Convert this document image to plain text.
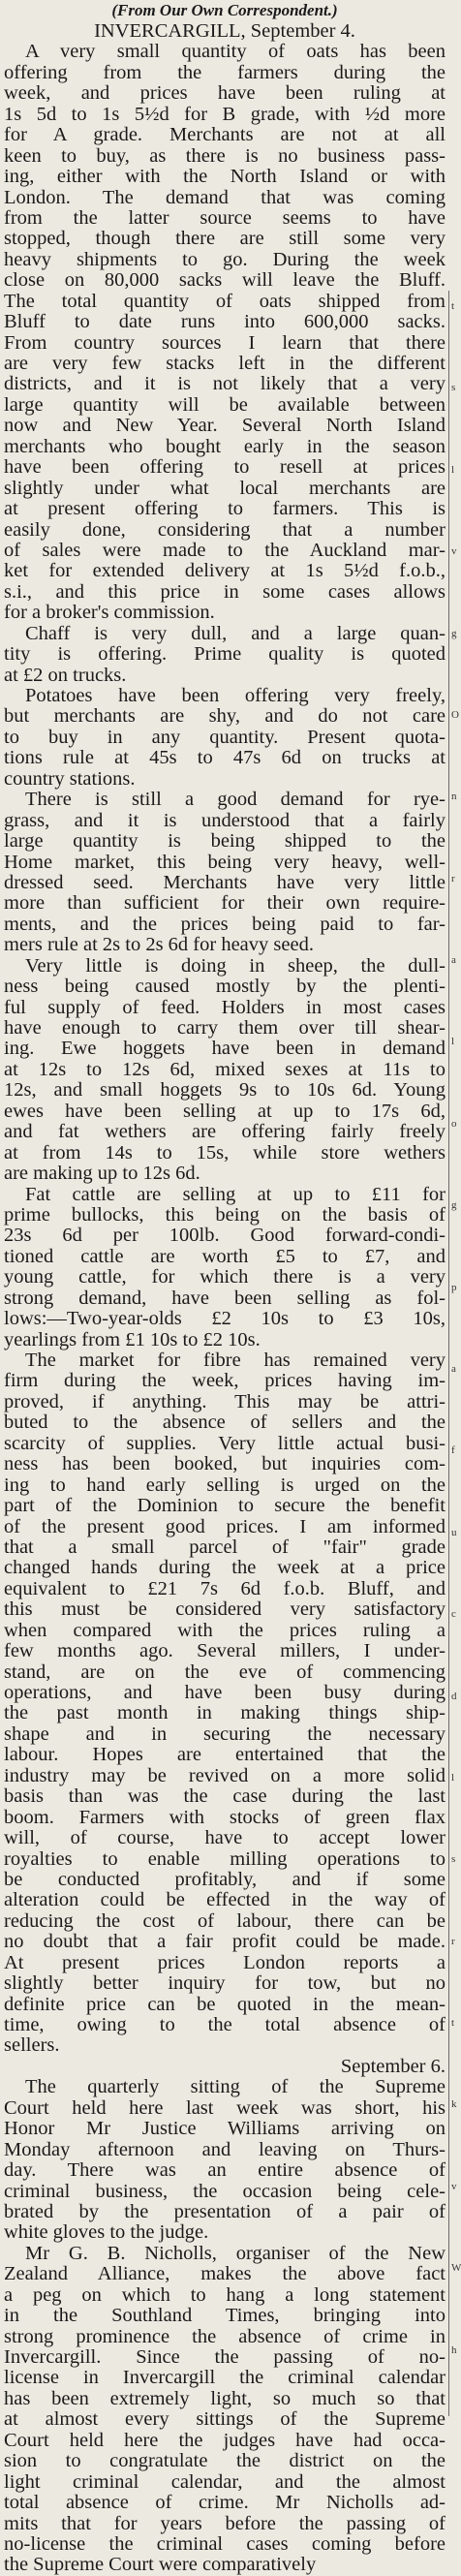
(From Our Own Correspondent.)
INVERCARGILL, September 4.
A very small quantity of oats has been
offering from the farmers during the
week, and prices have been ruling at
1s 5d to 1s 5½d for B grade, with ½d more
for A grade. Merchants are not at all
keen to buy, as there is no business pass-
ing, either with the North Island or with
London. The demand that was coming
from the latter source seems to have
stopped, though there are still some very
heavy shipments to go. During the week
close on 80,000 sacks will leave the Bluff.
The total quantity of oats shipped from
Bluff to date runs into 600,000 sacks.
From country sources I learn that there
are very few stacks left in the different
districts, and it is not likely that a very
large quantity will be available between
now and New Year. Several North Island
merchants who bought early in the season
have been offering to resell at prices
slightly under what local merchants are
at present offering to farmers. This is
easily done, considering that a number
of sales were made to the Auckland mar-
ket for extended delivery at 1s 5½d f.o.b.,
s.i., and this price in some cases allows
for a broker's commission.
Chaff is very dull, and a large quan-
tity is offering. Prime quality is quoted
at £2 on trucks.
Potatoes have been offering very freely,
but merchants are shy, and do not care
to buy in any quantity. Present quota-
tions rule at 45s to 47s 6d on trucks at
country stations.
There is still a good demand for rye-
grass, and it is understood that a fairly
large quantity is being shipped to the
Home market, this being very heavy, well-
dressed seed. Merchants have very little
more than sufficient for their own require-
ments, and the prices being paid to far-
mers rule at 2s to 2s 6d for heavy seed.
Very little is doing in sheep, the dull-
ness being caused mostly by the plenti-
ful supply of feed. Holders in most cases
have enough to carry them over till shear-
ing. Ewe hoggets have been in demand
at 12s to 12s 6d, mixed sexes at 11s to
12s, and small hoggets 9s to 10s 6d. Young
ewes have been selling at up to 17s 6d,
and fat wethers are offering fairly freely
at from 14s to 15s, while store wethers
are making up to 12s 6d.
Fat cattle are selling at up to £11 for
prime bullocks, this being on the basis of
23s 6d per 100lb. Good forward-condi-
tioned cattle are worth £5 to £7, and
young cattle, for which there is a very
strong demand, have been selling as fol-
lows:—Two-year-olds £2 10s to £3 10s,
yearlings from £1 10s to £2 10s.
The market for fibre has remained very
firm during the week, prices having im-
proved, if anything. This may be attri-
buted to the absence of sellers and the
scarcity of supplies. Very little actual busi-
ness has been booked, but inquiries com-
ing to hand early selling is urged on the
part of the Dominion to secure the benefit
of the present good prices. I am informed
that a small parcel of "fair" grade
changed hands during the week at a price
equivalent to £21 7s 6d f.o.b. Bluff, and
this must be considered very satisfactory
when compared with the prices ruling a
few months ago. Several millers, I under-
stand, are on the eve of commencing
operations, and have been busy during
the past month in making things ship-
shape and in securing the necessary
labour. Hopes are entertained that the
industry may be revived on a more solid
basis than was the case during the last
boom. Farmers with stocks of green flax
will, of course, have to accept lower
royalties to enable milling operations to
be conducted profitably, and if some
alteration could be effected in the way of
reducing the cost of labour, there can be
no doubt that a fair profit could be made.
At present prices London reports a
slightly better inquiry for tow, but no
definite price can be quoted in the mean-
time, owing to the total absence of
sellers.
September 6.
The quarterly sitting of the Supreme
Court held here last week was short, his
Honor Mr Justice Williams arriving on
Monday afternoon and leaving on Thurs-
day. There was an entire absence of
criminal business, the occasion being cele-
brated by the presentation of a pair of
white gloves to the judge.
Mr G. B. Nicholls, organiser of the New
Zealand Alliance, makes the above fact
a peg on which to hang a long statement
in the Southland Times, bringing into
strong prominence the absence of crime in
Invercargill. Since the passing of no-
license in Invercargill the criminal calendar
has been extremely light, so much so that
at almost every sittings of the Supreme
Court held here the judges have had occa-
sion to congratulate the district on the
light criminal calendar, and the almost
total absence of crime. Mr Nicholls ad-
mits that for years before the passing of
no-license the criminal cases coming before
the Supreme Court were comparatively
t
s
l
v
g
O
n
r
a
l
o
g
p
a
f
u
c
d
l
s
r
t
k
v
W
h
